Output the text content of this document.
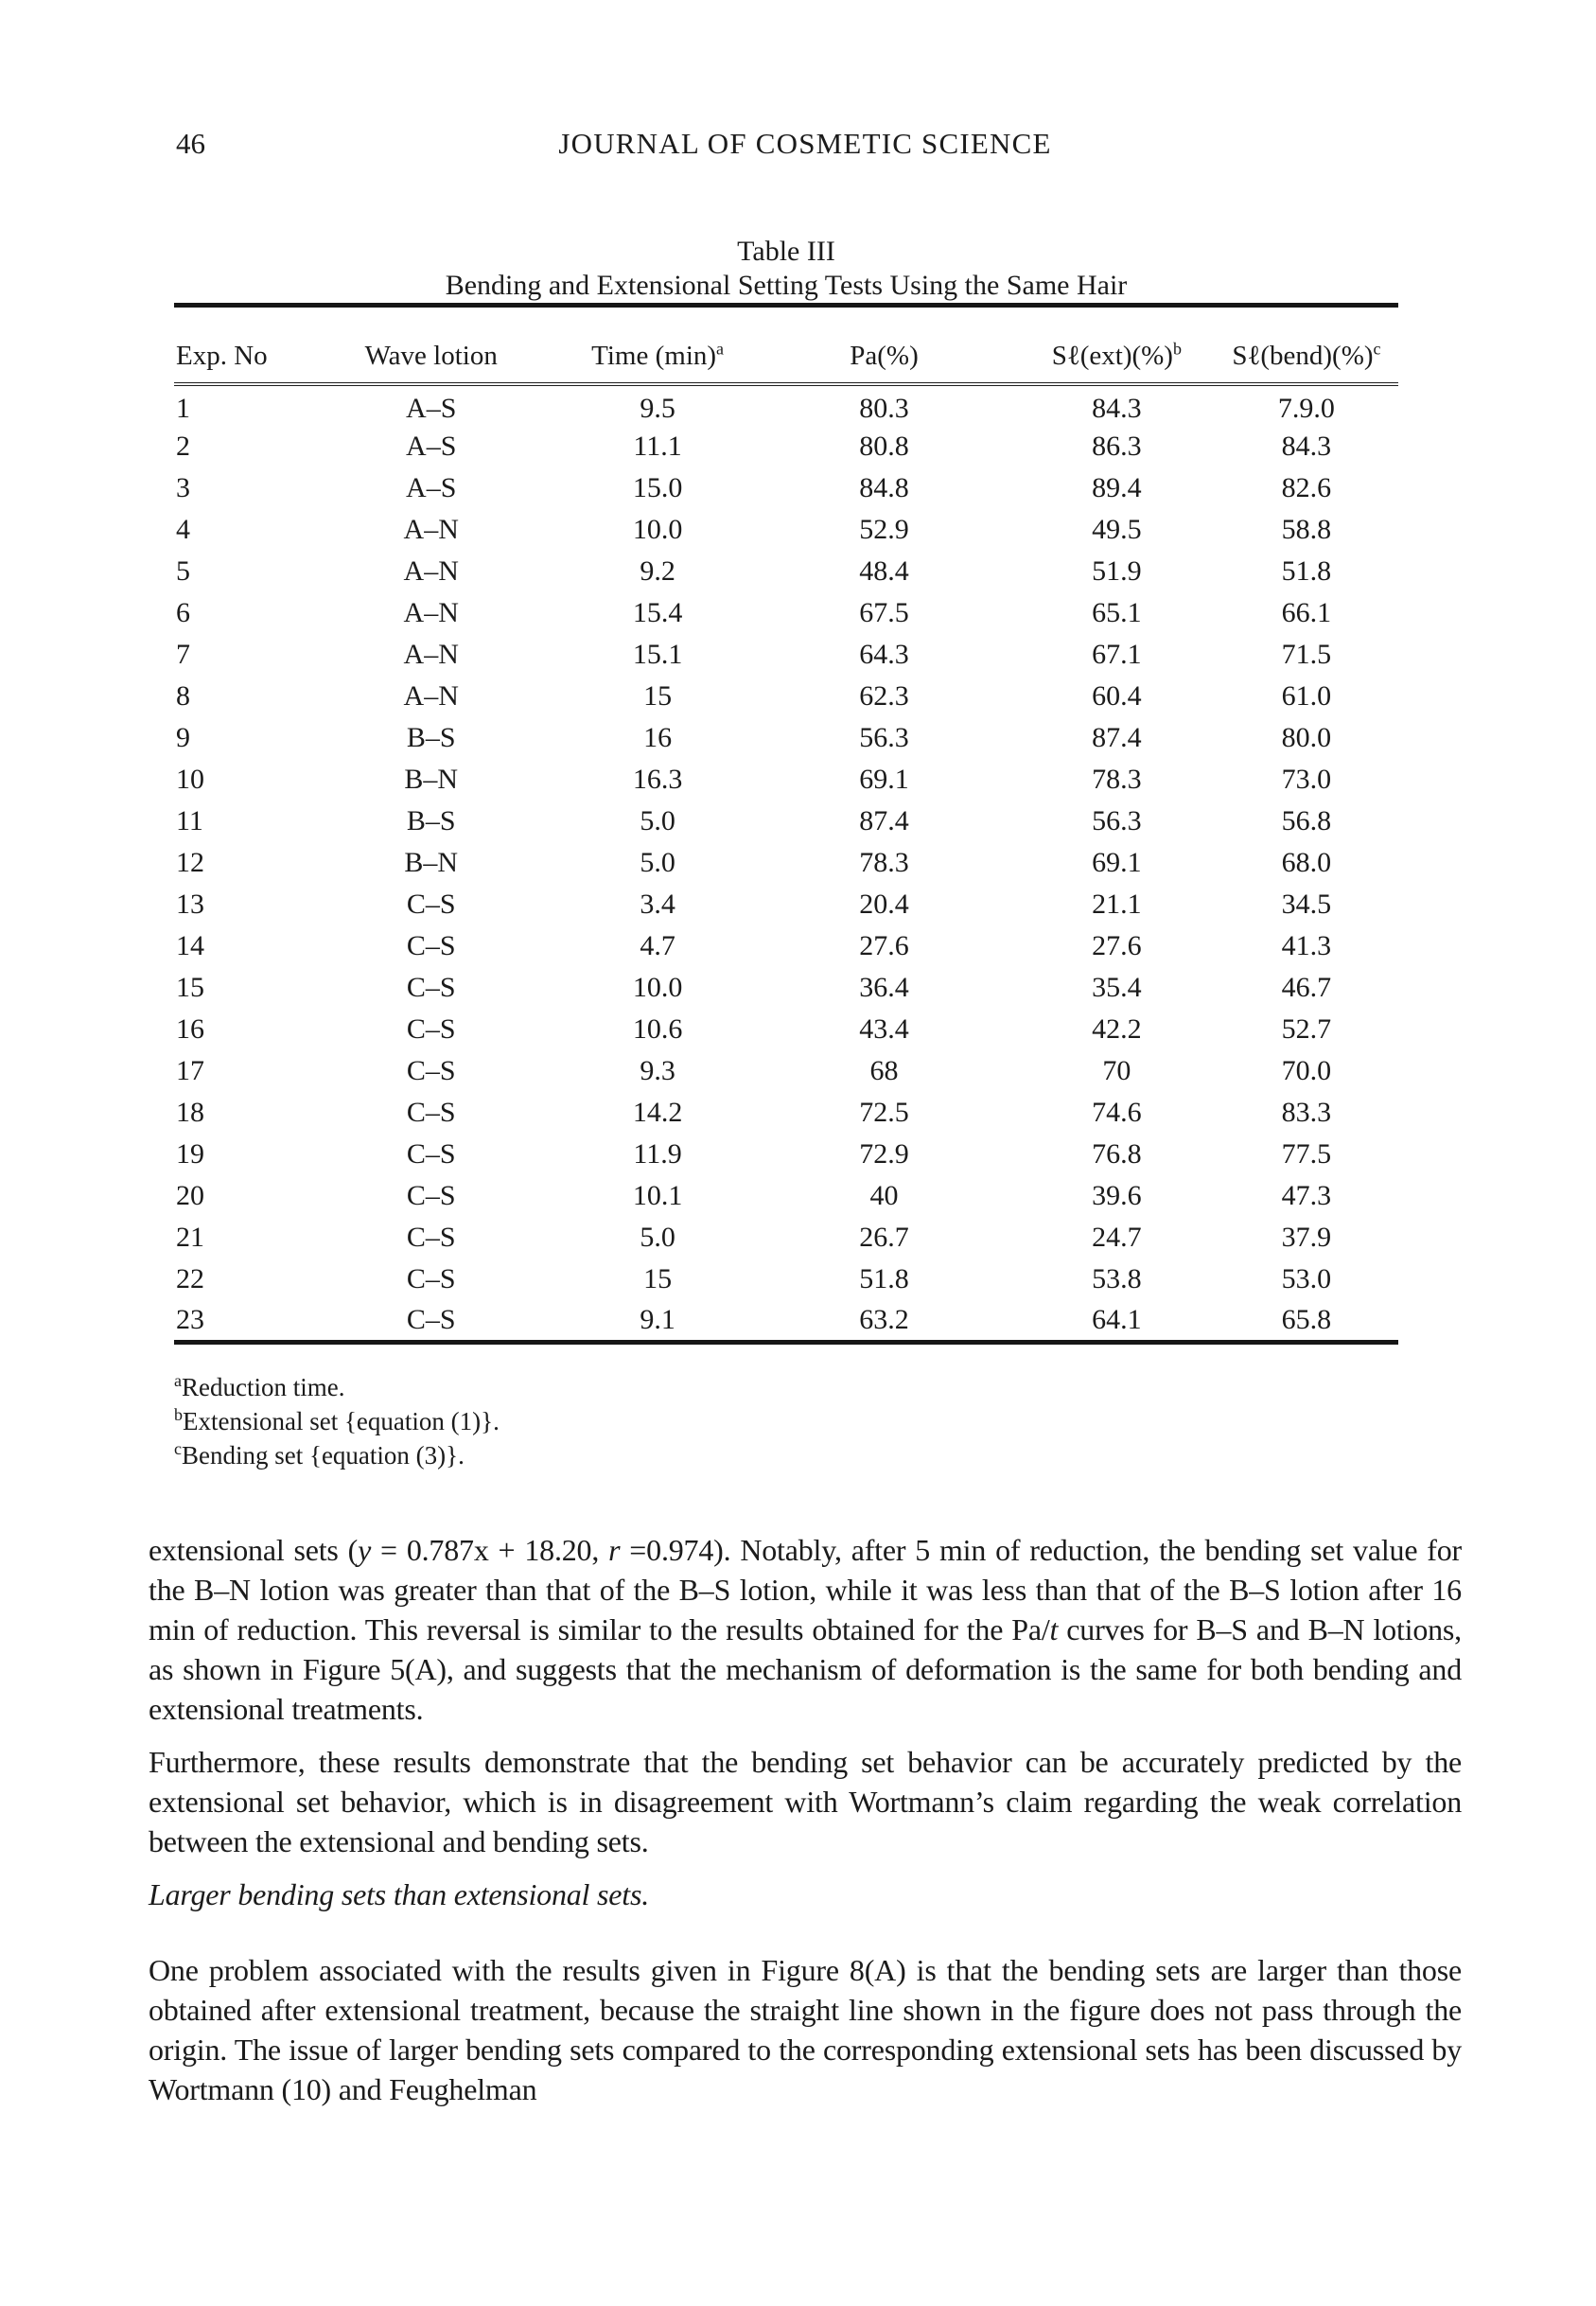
46	JOURNAL OF COSMETIC SCIENCE
Table III
Bending and Extensional Setting Tests Using the Same Hair
Exp. No	Wave lotion	Time $(\min)^a$	Pa(%)	Sℓ(ext)(%)$^b$	Sℓ(bend)(%)$^c$
1	A–S	9.5	80.3	84.3	7.9.0
2	A–S	11.1	80.8	86.3	84.3
3	A–S	15.0	84.8	89.4	82.6
4	A–N	10.0	52.9	49.5	58.8
5	A–N	9.2	48.4	51.9	51.8
6	A–N	15.4	67.5	65.1	66.1
7	A–N	15.1	64.3	67.1	71.5
8	A–N	15	62.3	60.4	61.0
9	B–S	16	56.3	87.4	80.0
10	B–N	16.3	69.1	78.3	73.0
11	B–S	5.0	87.4	56.3	56.8
12	B–N	5.0	78.3	69.1	68.0
13	C–S	3.4	20.4	21.1	34.5
14	C–S	4.7	27.6	27.6	41.3
15	C–S	10.0	36.4	35.4	46.7
16	C–S	10.6	43.4	42.2	52.7
17	C–S	9.3	68	70	70.0
18	C–S	14.2	72.5	74.6	83.3
19	C–S	11.9	72.9	76.8	77.5
20	C–S	10.1	40	39.6	47.3
21	C–S	5.0	26.7	24.7	37.9
22	C–S	15	51.8	53.8	53.0
23	C–S	9.1	63.2	64.1	65.8
$^a$Reduction time.
$^b$Extensional set {equation (1)}.
$^c$Bending set {equation (3)}.

extensional sets (y = 0.787x + 18.20, r =0.974). Notably, after 5 min of reduction, the bending set value for the B–N lotion was greater than that of the B–S lotion, while it was less than that of the B–S lotion after 16 min of reduction. This reversal is similar to the results obtained for the Pa/t curves for B–S and B–N lotions, as shown in Figure 5(A), and suggests that the mechanism of deformation is the same for both bending and extensional treatments.

Furthermore, these results demonstrate that the bending set behavior can be accurately predicted by the extensional set behavior, which is in disagreement with Wortmann’s claim regarding the weak correlation between the extensional and bending sets.

Larger bending sets than extensional sets.

One problem associated with the results given in Figure 8(A) is that the bending sets are larger than those obtained after extensional treatment, because the straight line shown in the figure does not pass through the origin. The issue of larger bending sets compared to the corresponding extensional sets has been discussed by Wortmann (10) and Feughelman
